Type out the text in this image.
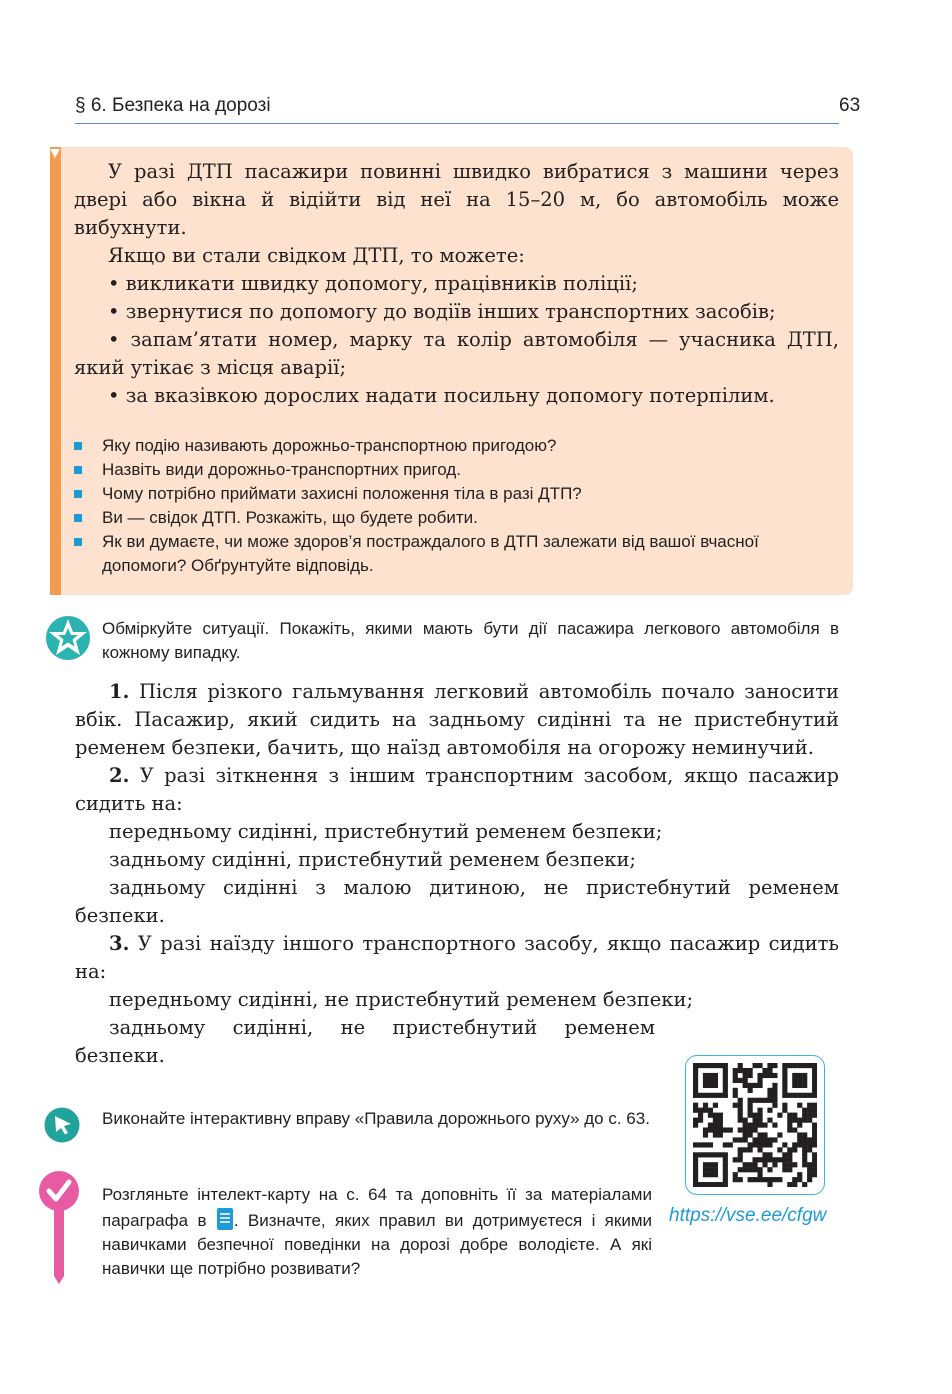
§ 6. Безпека на дорозі	63

У разі ДТП пасажири повинні швидко вибратися з машини через двері або вікна й відійти від неї на 15–20 м, бо автомобіль може вибухнути.

Якщо ви стали свідком ДТП, то можете:

• викликати швидку допомогу, працівників поліції;

• звернутися по допомогу до водіїв інших транспортних засобів;

• запам’ятати номер, марку та колір автомобіля — учасника ДТП, який утікає з місця аварії;

• за вказівкою дорослих надати посильну допомогу потерпілим.

Яку подію називають дорожньо-транспортною пригодою?
Назвіть види дорожньо-транспортних пригод.
Чому потрібно приймати захисні положення тіла в разі ДТП?
Ви — свідок ДТП. Розкажіть, що будете робити.
Як ви думаєте, чи може здоров’я постраждалого в ДТП залежати від вашої вчасної допомоги? Обґрунтуйте відповідь.

Обміркуйте ситуації. Покажіть, якими мають бути дії пасажира легкового автомобіля в кожному випадку.

1. Після різкого гальмування легковий автомобіль почало заносити вбік. Пасажир, який сидить на задньому сидінні та не пристебнутий ременем безпеки, бачить, що наїзд автомобіля на огорожу неминучий.
2. У разі зіткнення з іншим транспортним засобом, якщо пасажир сидить на:
передньому сидінні, пристебнутий ременем безпеки;
задньому сидінні, пристебнутий ременем безпеки;
задньому сидінні з малою дитиною, не пристебнутий ременем безпеки.
3. У разі наїзду іншого транспортного засобу, якщо пасажир сидить на:
передньому сидінні, не пристебнутий ременем безпеки;
задньому сидінні, не пристебнутий ременем безпеки.

Виконайте інтерактивну вправу «Правила дорожнього руху» до с. 63.

Розгляньте інтелект-карту на с. 64 та доповніть її за матеріалами параграфа в . Визначте, яких правил ви дотримуєтеся і якими навичками безпечної поведінки на дорозі добре володієте. А які навички ще потрібно розвивати?

https://vse.ee/cfgw
